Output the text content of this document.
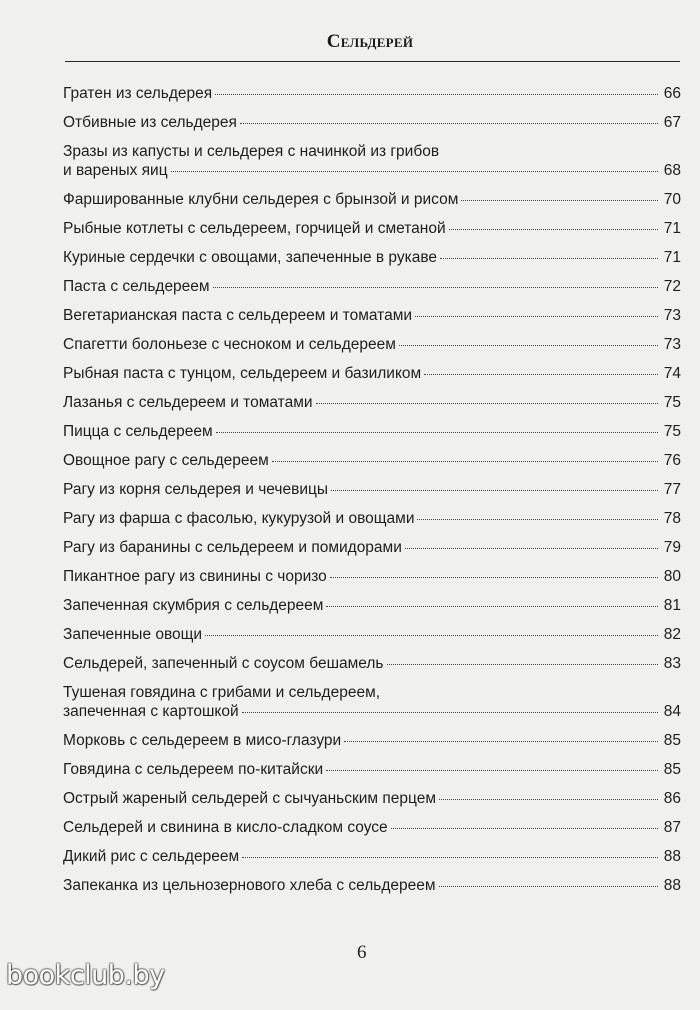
Сельдерей
Гратен из сельдерея	66
Отбивные из сельдерея	67
Зразы из капусты и сельдерея с начинкой из грибов
и вареных яиц	68
Фаршированные клубни сельдерея с брынзой и рисом	70
Рыбные котлеты с сельдереем, горчицей и сметаной	71
Куриные сердечки с овощами, запеченные в рукаве	71
Паста с сельдереем	72
Вегетарианская паста с сельдереем и томатами	73
Спагетти болоньезе с чесноком и сельдереем	73
Рыбная паста с тунцом, сельдереем и базиликом	74
Лазанья с сельдереем и томатами	75
Пицца с сельдереем	75
Овощное рагу с сельдереем	76
Рагу из корня сельдерея и чечевицы	77
Рагу из фарша с фасолью, кукурузой и овощами	78
Рагу из баранины с сельдереем и помидорами	79
Пикантное рагу из свинины с чоризо	80
Запеченная скумбрия с сельдереем	81
Запеченные овощи	82
Сельдерей, запеченный с соусом бешамель	83
Тушеная говядина с грибами и сельдереем,
запеченная с картошкой	84
Морковь с сельдереем в мисо-глазури	85
Говядина с сельдереем по-китайски	85
Острый жареный сельдерей с сычуаньским перцем	86
Сельдерей и свинина в кисло-сладком соусе	87
Дикий рис с сельдереем	88
Запеканка из цельнозернового хлеба с сельдереем	88
6
bookclub.by
